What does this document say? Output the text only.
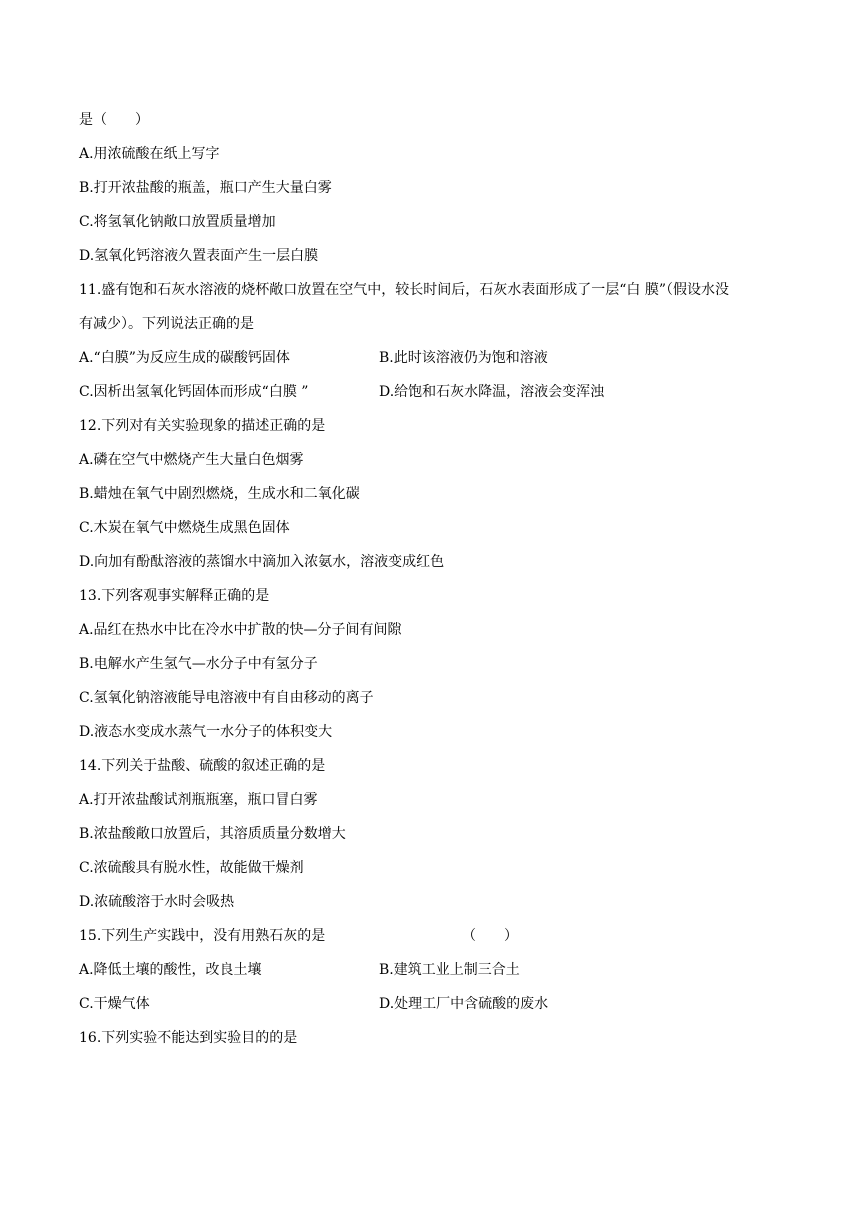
是（　　）
A.用浓硫酸在纸上写字
B.打开浓盐酸的瓶盖，瓶口产生大量白雾
C.将氢氧化钠敞口放置质量增加
D.氢氧化钙溶液久置表面产生一层白膜
11.盛有饱和石灰水溶液的烧杯敞口放置在空气中，较长时间后，石灰水表面形成了一层“白 膜”（假设水没
有减少）。下列说法正确的是
A.“白膜”为反应生成的碳酸钙固体	B.此时该溶液仍为饱和溶液
C.因析出氢氧化钙固体而形成“白膜 ”	D.给饱和石灰水降温，溶液会变浑浊
12.下列对有关实验现象的描述正确的是
A.磷在空气中燃烧产生大量白色烟雾
B.蜡烛在氧气中剧烈燃烧，生成水和二氧化碳
C.木炭在氧气中燃烧生成黑色固体
D.向加有酚酞溶液的蒸馏水中滴加入浓氨水，溶液变成红色
13.下列客观事实解释正确的是
A.品红在热水中比在冷水中扩散的快—分子间有间隙
B.电解水产生氢气—水分子中有氢分子
C.氢氧化钠溶液能导电溶液中有自由移动的离子
D.液态水变成水蒸气一水分子的体积变大
14.下列关于盐酸、硫酸的叙述正确的是
A.打开浓盐酸试剂瓶瓶塞，瓶口冒白雾
B.浓盐酸敞口放置后，其溶质质量分数增大
C.浓硫酸具有脱水性，故能做干燥剂
D.浓硫酸溶于水时会吸热
15.下列生产实践中，没有用熟石灰的是	（　　）
A.降低土壤的酸性，改良土壤	B.建筑工业上制三合土
C.干燥气体	D.处理工厂中含硫酸的废水
16.下列实验不能达到实验目的的是
